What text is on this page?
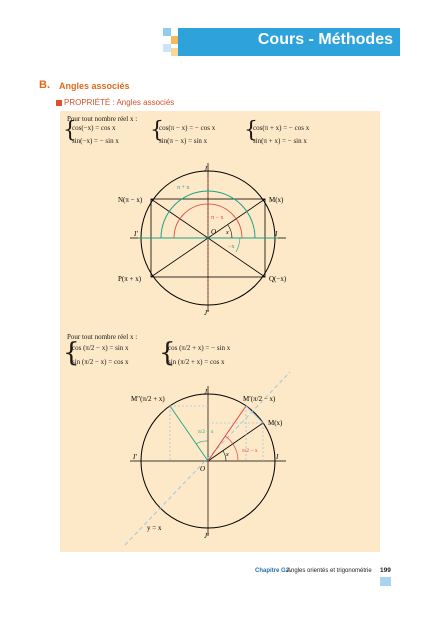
Cours - Méthodes
B. Angles associés
PROPRIÉTÉ : Angles associés
Pour tout nombre réel x :
{
cos(−x) = cos x
sin(−x) = − sin x {
cos(π − x) = − cos x
sin(π − x) = sin x {
cos(π + x) = − cos x
sin(π + x) = − sin x
J
J′
I
I′	O
N(π − x)	M(x)
P(π + x)	Q(−x)
π + x
π − x
x
−x
Pour tout nombre réel x :
{
cos (π/2 − x) = sin x
sin (π/2 − x) = cos x {
cos (π/2 + x) = − sin x
sin (π/2 + x) = cos x
J
J′
I
I′
O
M″(π/2 + x)	M′(π/2 − x)
M(x)
y = x
π/2 + x
π/2 − x
x
Chapitre G2.
Angles orientés et trigonométrie 199
